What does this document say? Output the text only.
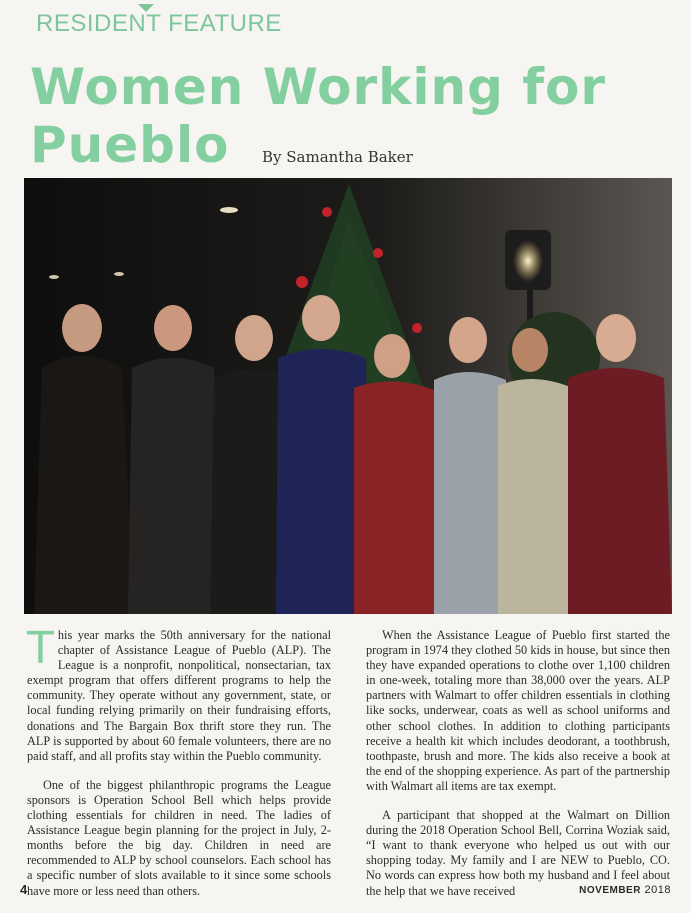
RESIDENT FEATURE
Women Working for Pueblo	By Samantha Baker

This year marks the 50th anniversary for the national chapter of Assistance League of Pueblo (ALP). The League is a nonprofit, nonpolitical, nonsectarian, tax exempt program that offers different programs to help the community. They operate without any government, state, or local funding relying primarily on their fundraising efforts, donations and The Bargain Box thrift store they run. The ALP is supported by about 60 female volunteers, there are no paid staff, and all profits stay within the Pueblo community.

One of the biggest philanthropic programs the League sponsors is Operation School Bell which helps provide clothing essentials for children in need. The ladies of Assistance League begin planning for the project in July, 2-months before the big day. Children in need are recommended to ALP by school counselors. Each school has a specific number of slots available to it since some schools have more or less need than others.

When the Assistance League of Pueblo first started the program in 1974 they clothed 50 kids in house, but since then they have expanded operations to clothe over 1,100 children in one-week, totaling more than 38,000 over the years. ALP partners with Walmart to offer children essentials in clothing like socks, underwear, coats as well as school uniforms and other school clothes. In addition to clothing participants receive a health kit which includes deodorant, a toothbrush, toothpaste, brush and more. The kids also receive a book at the end of the shopping experience. As part of the partnership with Walmart all items are tax exempt.

A participant that shopped at the Walmart on Dillion during the 2018 Operation School Bell, Corrina Woziak said, “I want to thank everyone who helped us out with our shopping today. My family and I are NEW to Pueblo, CO. No words can express how both my husband and I feel about the help that we have received

4	NOVEMBER 2018
